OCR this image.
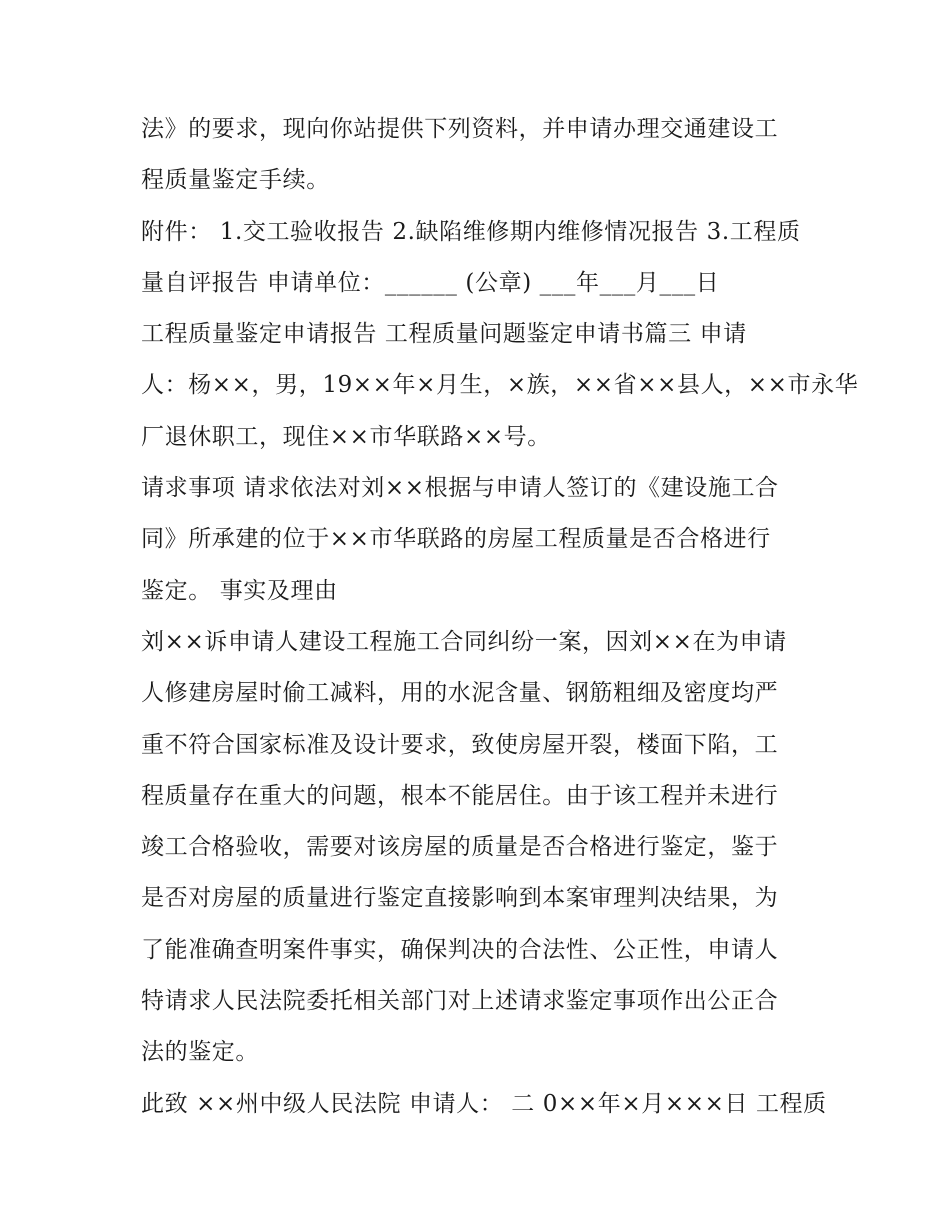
法》的要求，现向你站提供下列资料，并申请办理交通建设工
程质量鉴定手续。
附件： 1.交工验收报告 2.缺陷维修期内维修情况报告 3.工程质
量自评报告 申请单位：______ (公章) ___年___月___日
工程质量鉴定申请报告 工程质量问题鉴定申请书篇三 申请
人：杨××，男，19××年×月生，×族，××省××县人，××市永华
厂退休职工，现住××市华联路××号。
请求事项 请求依法对刘××根据与申请人签订的《建设施工合
同》所承建的位于××市华联路的房屋工程质量是否合格进行
鉴定。 事实及理由
刘××诉申请人建设工程施工合同纠纷一案，因刘××在为申请
人修建房屋时偷工减料，用的水泥含量、钢筋粗细及密度均严
重不符合国家标准及设计要求，致使房屋开裂，楼面下陷，工
程质量存在重大的问题，根本不能居住。由于该工程并未进行
竣工合格验收，需要对该房屋的质量是否合格进行鉴定，鉴于
是否对房屋的质量进行鉴定直接影响到本案审理判决结果，为
了能准确查明案件事实，确保判决的合法性、公正性，申请人
特请求人民法院委托相关部门对上述请求鉴定事项作出公正合
法的鉴定。
此致 ××州中级人民法院 申请人： 二 0××年×月×××日 工程质
